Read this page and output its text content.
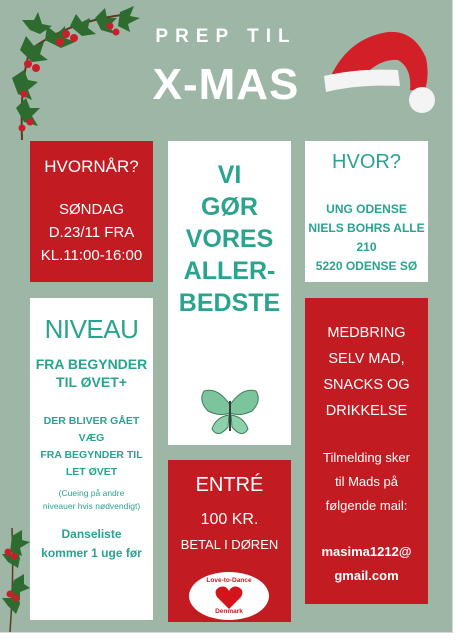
PREP TIL
X-MAS
HVORNÅR?
SØNDAG
D.23/11 FRA
KL.11:00-16:00
VI
GØR
VORES
ALLER-
BEDSTE
HVOR?
UNG ODENSE
NIELS BOHRS ALLE
210
5220 ODENSE SØ
NIVEAU
FRA BEGYNDER
TIL ØVET+
DER BLIVER GÅET VÆG
FRA BEGYNDER TIL
LET ØVET
(Cueing på andre
niveauer hvis nødvendigt)
Danseliste
kommer 1 uge før
ENTRÉ
100 KR.
BETAL I DØREN
Love-to-Dance
Denmark
MEDBRING
SELV MAD,
SNACKS OG
DRIKKELSE
Tilmelding sker
til Mads på
følgende mail:
masima1212@
gmail.com
